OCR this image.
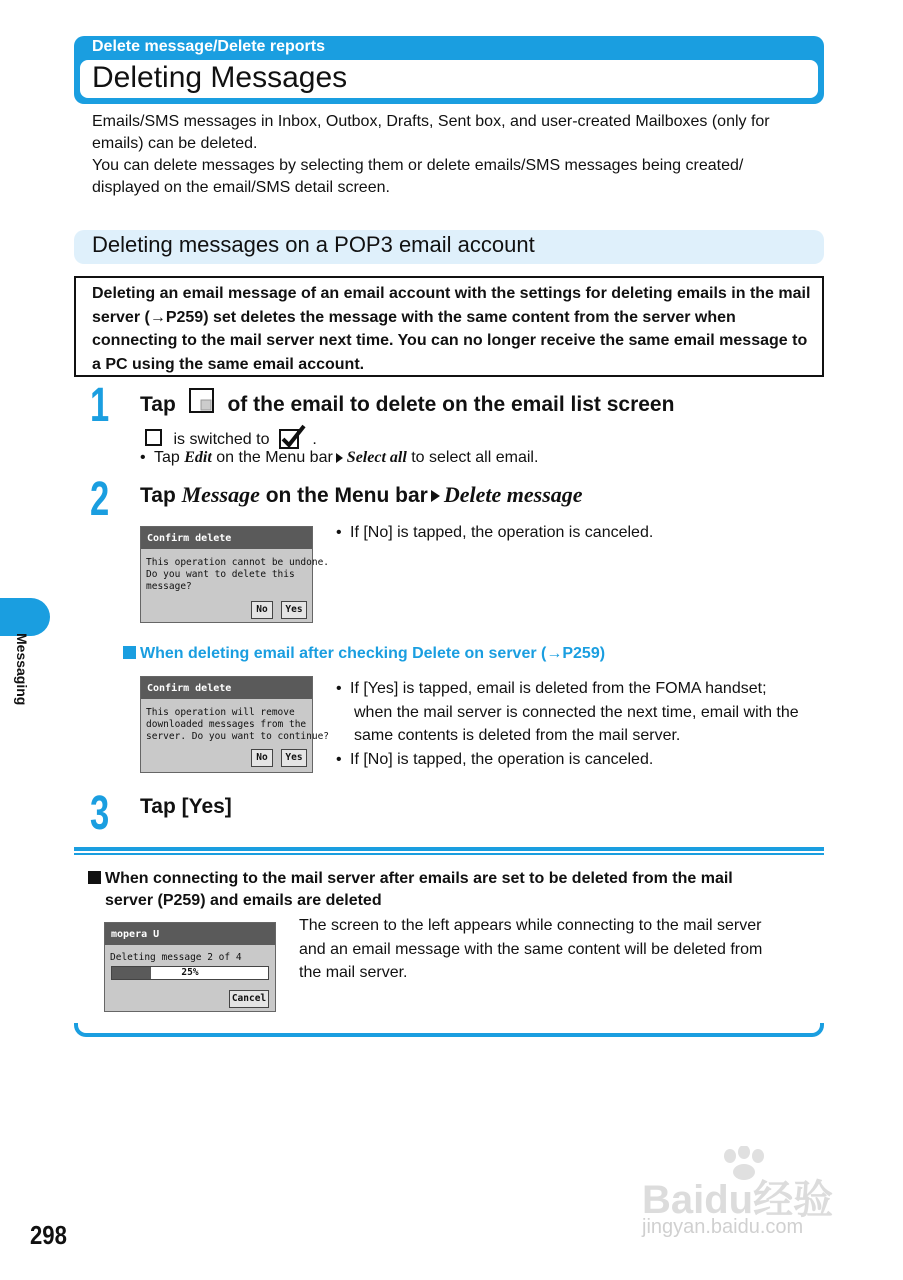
Delete message/Delete reports
Deleting Messages
Emails/SMS messages in Inbox, Outbox, Drafts, Sent box, and user-created Mailboxes (only for
emails) can be deleted.
You can delete messages by selecting them or delete emails/SMS messages being created/
displayed on the email/SMS detail screen.
Deleting messages on a POP3 email account

Deleting an email message of an email account with the settings for deleting emails in the mail server (→P259) set deletes the message with the same content from the server when connecting to the mail server next time. You can no longer receive the same email message to a PC using the same email account.

1 Tap of the email to delete on the email list screen
is switched to	.
• Tap Edit on the Menu bar Select all to select all email.
2 Tap Message on the Menu bar Delete message
Confirm delete
This operation cannot be undone.
Do you want to delete this
message?
No	Yes
• If [No] is tapped, the operation is canceled.
When deleting email after checking Delete on server (→P259)
Confirm delete
This operation will remove
downloaded messages from the
server. Do you want to continue?
No	Yes
• If [Yes] is tapped, email is deleted from the FOMA handset;
when the mail server is connected the next time, email with the
same contents is deleted from the mail server.
• If [No] is tapped, the operation is canceled.
3 Tap [Yes]
Messaging
When connecting to the mail server after emails are set to be deleted from the mail
server (P259) and emails are deleted
mopera U
Deleting message 2 of 4
25%
Cancel
The screen to the left appears while connecting to the mail server
and an email message with the same content will be deleted from
the mail server.
298
Baidu经验
jingyan.baidu.com
